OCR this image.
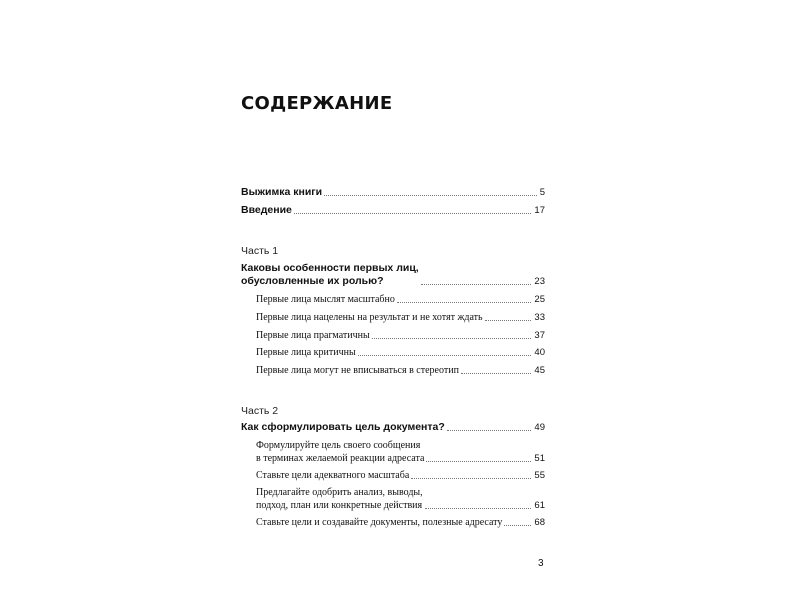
СОДЕРЖАНИЕ
Выжимка книги	5
Введение	17
Часть 1
Каковы особенности первых лиц,
обусловленные их ролью?	23
Первые лица мыслят масштабно	25
Первые лица нацелены на результат и не хотят ждать	33
Первые лица прагматичны	37
Первые лица критичны	40
Первые лица могут не вписываться в стереотип	45
Часть 2
Как сформулировать цель документа?	49
Формулируйте цель своего сообщения
в терминах желаемой реакции адресата	51
Ставьте цели адекватного масштаба	55
Предлагайте одобрить анализ, выводы,
подход, план или конкретные действия	61
Ставьте цели и создавайте документы, полезные адресату	68
3
